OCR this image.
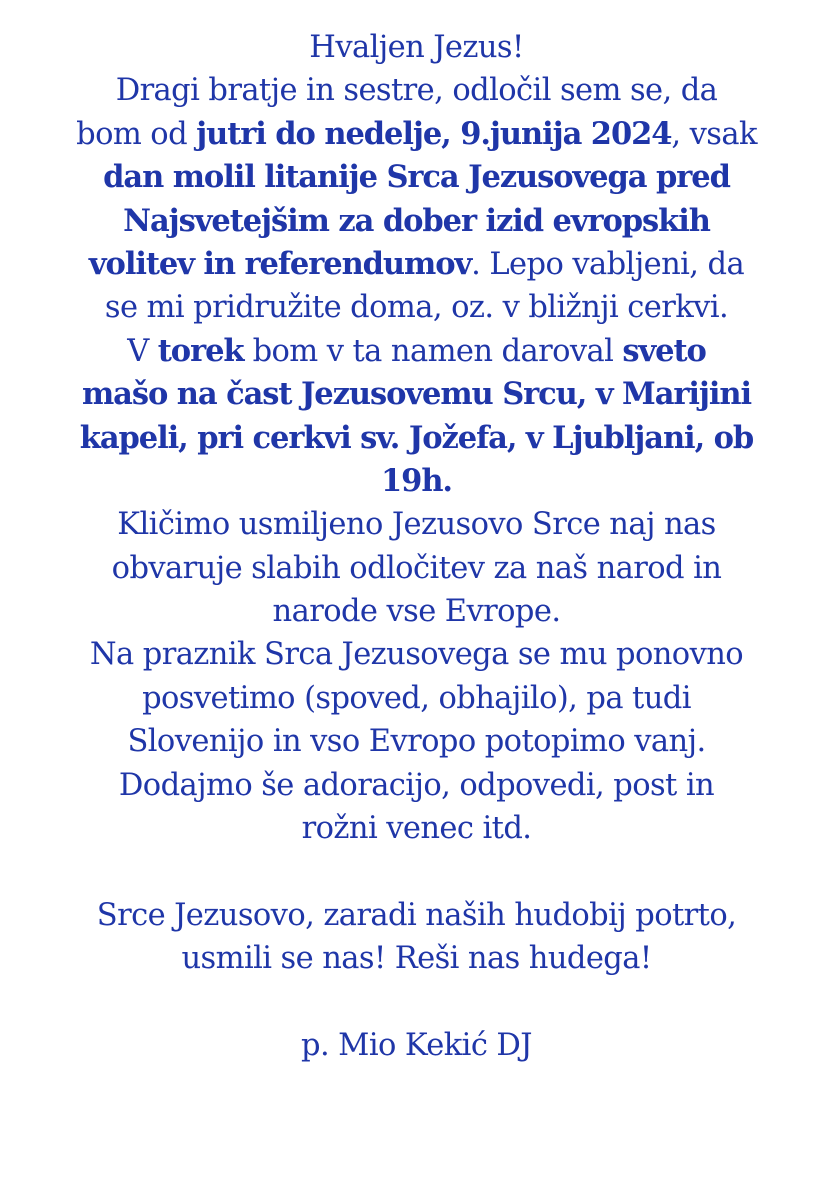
Hvaljen Jezus!
Dragi bratje in sestre, odločil sem se, da
bom od jutri do nedelje, 9.junija 2024, vsak
dan molil litanije Srca Jezusovega pred
Najsvetejšim za dober izid evropskih
volitev in referendumov. Lepo vabljeni, da
se mi pridružite doma, oz. v bližnji cerkvi.
V torek bom v ta namen daroval sveto
mašo na čast Jezusovemu Srcu, v Marijini
kapeli, pri cerkvi sv. Jožefa, v Ljubljani, ob
19h.
Kličimo usmiljeno Jezusovo Srce naj nas
obvaruje slabih odločitev za naš narod in
narode vse Evrope.
Na praznik Srca Jezusovega se mu ponovno
posvetimo (spoved, obhajilo), pa tudi
Slovenijo in vso Evropo potopimo vanj.
Dodajmo še adoracijo, odpovedi, post in
rožni venec itd.
Srce Jezusovo, zaradi naših hudobij potrto,
usmili se nas! Reši nas hudega!
p. Mio Kekić DJ
